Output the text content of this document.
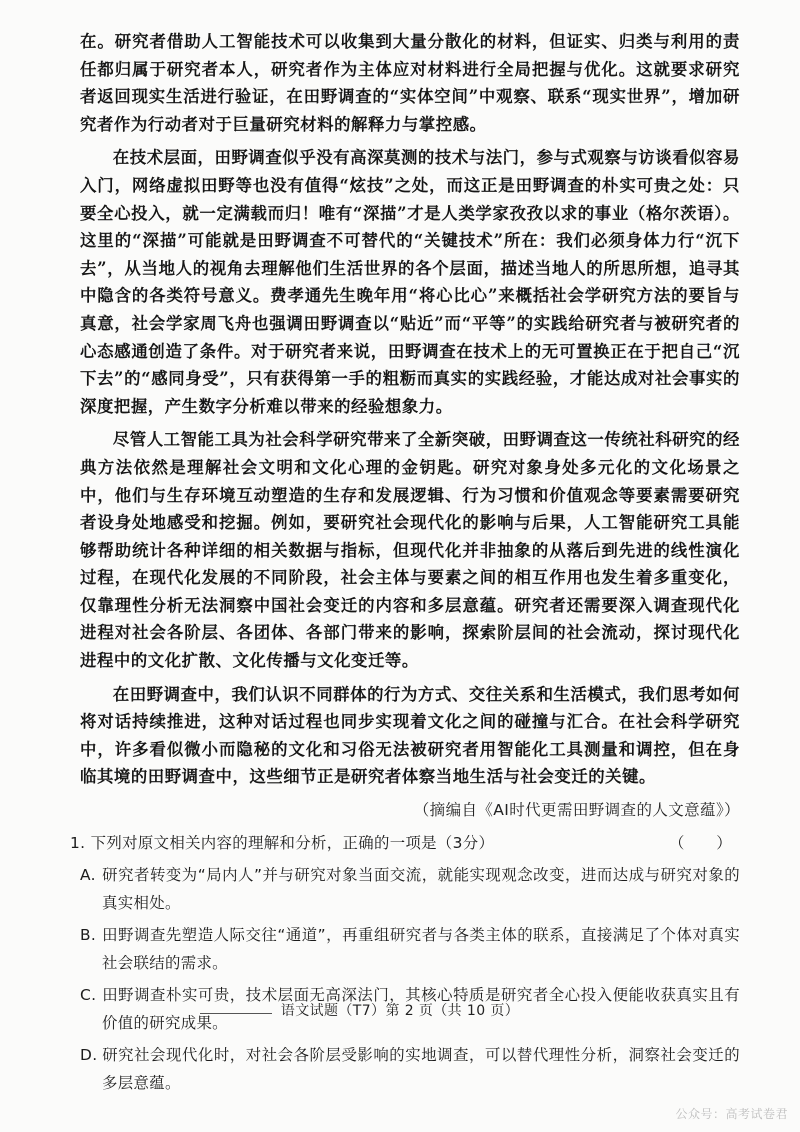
在。研究者借助人工智能技术可以收集到大量分散化的材料，但证实、归类与利用的责任都归属于研究者本人，研究者作为主体应对材料进行全局把握与优化。这就要求研究者返回现实生活进行验证，在田野调查的“实体空间”中观察、联系“现实世界”，增加研究者作为行动者对于巨量研究材料的解释力与掌控感。

在技术层面，田野调查似乎没有高深莫测的技术与法门，参与式观察与访谈看似容易入门，网络虚拟田野等也没有值得“炫技”之处，而这正是田野调查的朴实可贵之处：只要全心投入，就一定满载而归！唯有“深描”才是人类学家孜孜以求的事业（格尔茨语）。这里的“深描”可能就是田野调查不可替代的“关键技术”所在：我们必须身体力行“沉下去”，从当地人的视角去理解他们生活世界的各个层面，描述当地人的所思所想，追寻其中隐含的各类符号意义。费孝通先生晚年用“将心比心”来概括社会学研究方法的要旨与真意，社会学家周飞舟也强调田野调查以“贴近”而“平等”的实践给研究者与被研究者的心态感通创造了条件。对于研究者来说，田野调查在技术上的无可置换正在于把自己“沉下去”的“感同身受”，只有获得第一手的粗粝而真实的实践经验，才能达成对社会事实的深度把握，产生数字分析难以带来的经验想象力。

尽管人工智能工具为社会科学研究带来了全新突破，田野调查这一传统社科研究的经典方法依然是理解社会文明和文化心理的金钥匙。研究对象身处多元化的文化场景之中，他们与生存环境互动塑造的生存和发展逻辑、行为习惯和价值观念等要素需要研究者设身处地感受和挖掘。例如，要研究社会现代化的影响与后果，人工智能研究工具能够帮助统计各种详细的相关数据与指标，但现代化并非抽象的从落后到先进的线性演化过程，在现代化发展的不同阶段，社会主体与要素之间的相互作用也发生着多重变化，仅靠理性分析无法洞察中国社会变迁的内容和多层意蕴。研究者还需要深入调查现代化进程对社会各阶层、各团体、各部门带来的影响，探索阶层间的社会流动，探讨现代化进程中的文化扩散、文化传播与文化变迁等。

在田野调查中，我们认识不同群体的行为方式、交往关系和生活模式，我们思考如何将对话持续推进，这种对话过程也同步实现着文化之间的碰撞与汇合。在社会科学研究中，许多看似微小而隐秘的文化和习俗无法被研究者用智能化工具测量和调控，但在身临其境的田野调查中，这些细节正是研究者体察当地生活与社会变迁的关键。

（摘编自《AI时代更需田野调查的人文意蕴》）
1. 下列对原文相关内容的理解和分析，正确的一项是（3分）	（　　）
A. 研究者转变为“局内人”并与研究对象当面交流，就能实现观念改变，进而达成与研究对象的真实相处。
B. 田野调查先塑造人际交往“通道”，再重组研究者与各类主体的联系，直接满足了个体对真实社会联结的需求。
C. 田野调查朴实可贵，技术层面无高深法门，其核心特质是研究者全心投入便能收获真实且有价值的研究成果。
D. 研究社会现代化时，对社会各阶层受影响的实地调查，可以替代理性分析，洞察社会变迁的多层意蕴。
语文试题（T7）第 2 页（共 10 页）
公众号：高考试卷君
